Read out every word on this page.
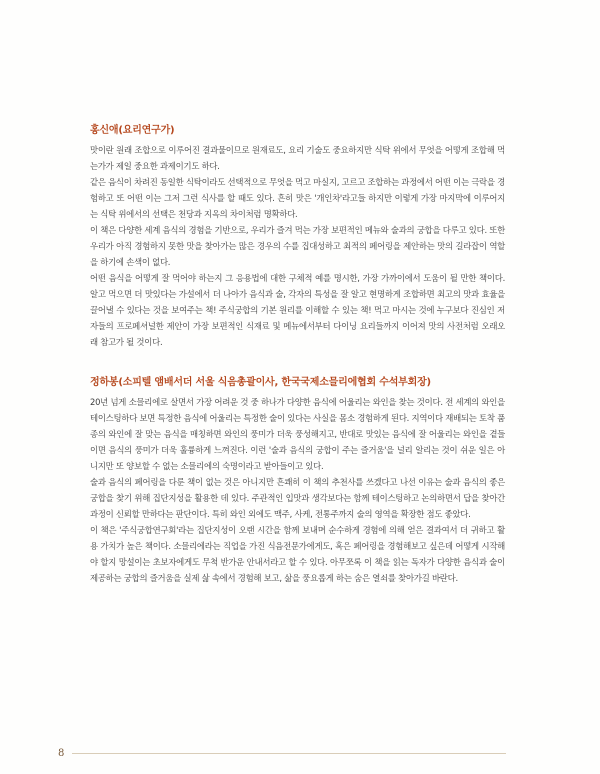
홍신애(요리연구가)

맛이란 원래 조합으로 이루어진 결과물이므로 원재료도, 요리 기술도 중요하지만 식탁 위에서 무엇을 어떻게 조합해 먹는가가 제일 중요한 과제이기도 하다.

같은 음식이 차려진 동일한 식탁이라도 선택적으로 무엇을 먹고 마실지, 고르고 조합하는 과정에서 어떤 이는 극락을 경험하고 또 어떤 이는 그저 그런 식사를 할 때도 있다. 흔히 맛은 '개인차'라고들 하지만 이렇게 가장 마지막에 이루어지는 식탁 위에서의 선택은 천당과 지옥의 차이처럼 명확하다.

이 책은 다양한 세계 음식의 경험을 기반으로, 우리가 즐겨 먹는 가장 보편적인 메뉴와 술과의 궁합을 다루고 있다. 또한 우리가 아직 경험하지 못한 맛을 찾아가는 많은 경우의 수를 집대성하고 최적의 페어링을 제안하는 맛의 길라잡이 역할을 하기에 손색이 없다.

어떤 음식을 어떻게 잘 먹어야 하는지 그 응용법에 대한 구체적 예를 명시한, 가장 가까이에서 도움이 될 만한 책이다. 알고 먹으면 더 맛있다는 가설에서 더 나아가 음식과 술, 각자의 특성을 잘 알고 현명하게 조합하면 최고의 맛과 효율을 끌어낼 수 있다는 것을 보여주는 책! 주식궁합의 기본 원리를 이해할 수 있는 책! 먹고 마시는 것에 누구보다 진심인 저자들의 프로페셔널한 제안이 가장 보편적인 식재료 및 메뉴에서부터 다이닝 요리들까지 이어져 맛의 사전처럼 오래오래 참고가 될 것이다.

정하봉(소피텔 앰배서더 서울 식음총괄이사, 한국국제소믈리에협회 수석부회장)

20년 넘게 소믈리에로 살면서 가장 어려운 것 중 하나가 다양한 음식에 어울리는 와인을 찾는 것이다. 전 세계의 와인을 테이스팅하다 보면 특정한 음식에 어울리는 특정한 술이 있다는 사실을 몸소 경험하게 된다. 지역이다 재배되는 토착 품종의 와인에 잘 맞는 음식을 매칭하면 와인의 풍미가 더욱 풍성해지고, 반대로 맛있는 음식에 잘 어울리는 와인을 곁들이면 음식의 풍미가 더욱 훌륭하게 느껴진다. 이런 '술과 음식의 궁합이 주는 즐거움'을 널리 알리는 것이 쉬운 일은 아니지만 또 양보할 수 없는 소믈리에의 숙명이라고 받아들이고 있다.

술과 음식의 페어링을 다룬 책이 없는 것은 아니지만 흔쾌히 이 책의 추천사를 쓰겠다고 나선 이유는 술과 음식의 좋은 궁합을 찾기 위해 집단지성을 활용한 데 있다. 주관적인 입맛과 생각보다는 함께 테이스팅하고 논의하면서 답을 찾아간 과정이 신뢰할 만하다는 판단이다. 특히 와인 외에도 맥주, 사케, 전통주까지 술의 영역을 확장한 점도 좋았다.

이 책은 '주식궁합연구회'라는 집단지성이 오랜 시간을 함께 보내며 순수하게 경험에 의해 얻은 결과여서 더 귀하고 활용 가치가 높은 책이다. 소믈리에라는 직업을 가진 식음전문가에게도, 혹은 페어링을 경험해보고 싶은데 어떻게 시작해야 할지 망설이는 초보자에게도 무척 반가운 안내서라고 할 수 있다. 아무쪼록 이 책을 읽는 독자가 다양한 음식과 술이 제공하는 궁합의 즐거움을 실제 삶 속에서 경험해 보고, 삶을 풍요롭게 하는 숨은 열쇠를 찾아가길 바란다.

8
